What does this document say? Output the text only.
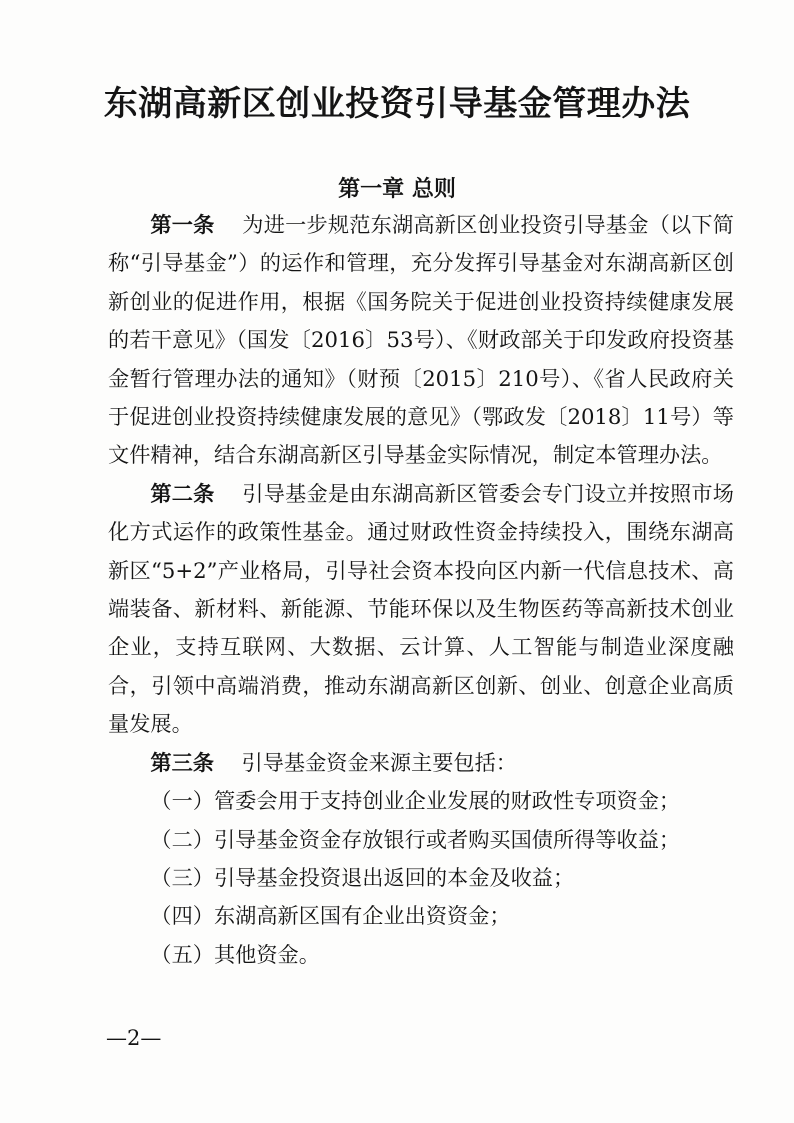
东湖高新区创业投资引导基金管理办法
第一章 总则

第一条 为进一步规范东湖高新区创业投资引导基金（以下简称“引导基金”）的运作和管理，充分发挥引导基金对东湖高新区创新创业的促进作用，根据《国务院关于促进创业投资持续健康发展的若干意见》（国发〔2016〕53号）、《财政部关于印发政府投资基金暂行管理办法的通知》（财预〔2015〕210号）、《省人民政府关于促进创业投资持续健康发展的意见》（鄂政发〔2018〕11号）等文件精神，结合东湖高新区引导基金实际情况，制定本管理办法。

第二条 引导基金是由东湖高新区管委会专门设立并按照市场化方式运作的政策性基金。通过财政性资金持续投入，围绕东湖高新区“5+2”产业格局，引导社会资本投向区内新一代信息技术、高端装备、新材料、新能源、节能环保以及生物医药等高新技术创业企业，支持互联网、大数据、云计算、人工智能与制造业深度融合，引领中高端消费，推动东湖高新区创新、创业、创意企业高质量发展。

第三条 引导基金资金来源主要包括：

（一）管委会用于支持创业企业发展的财政性专项资金；

（二）引导基金资金存放银行或者购买国债所得等收益；

（三）引导基金投资退出返回的本金及收益；

（四）东湖高新区国有企业出资资金；

（五）其他资金。

—2—
